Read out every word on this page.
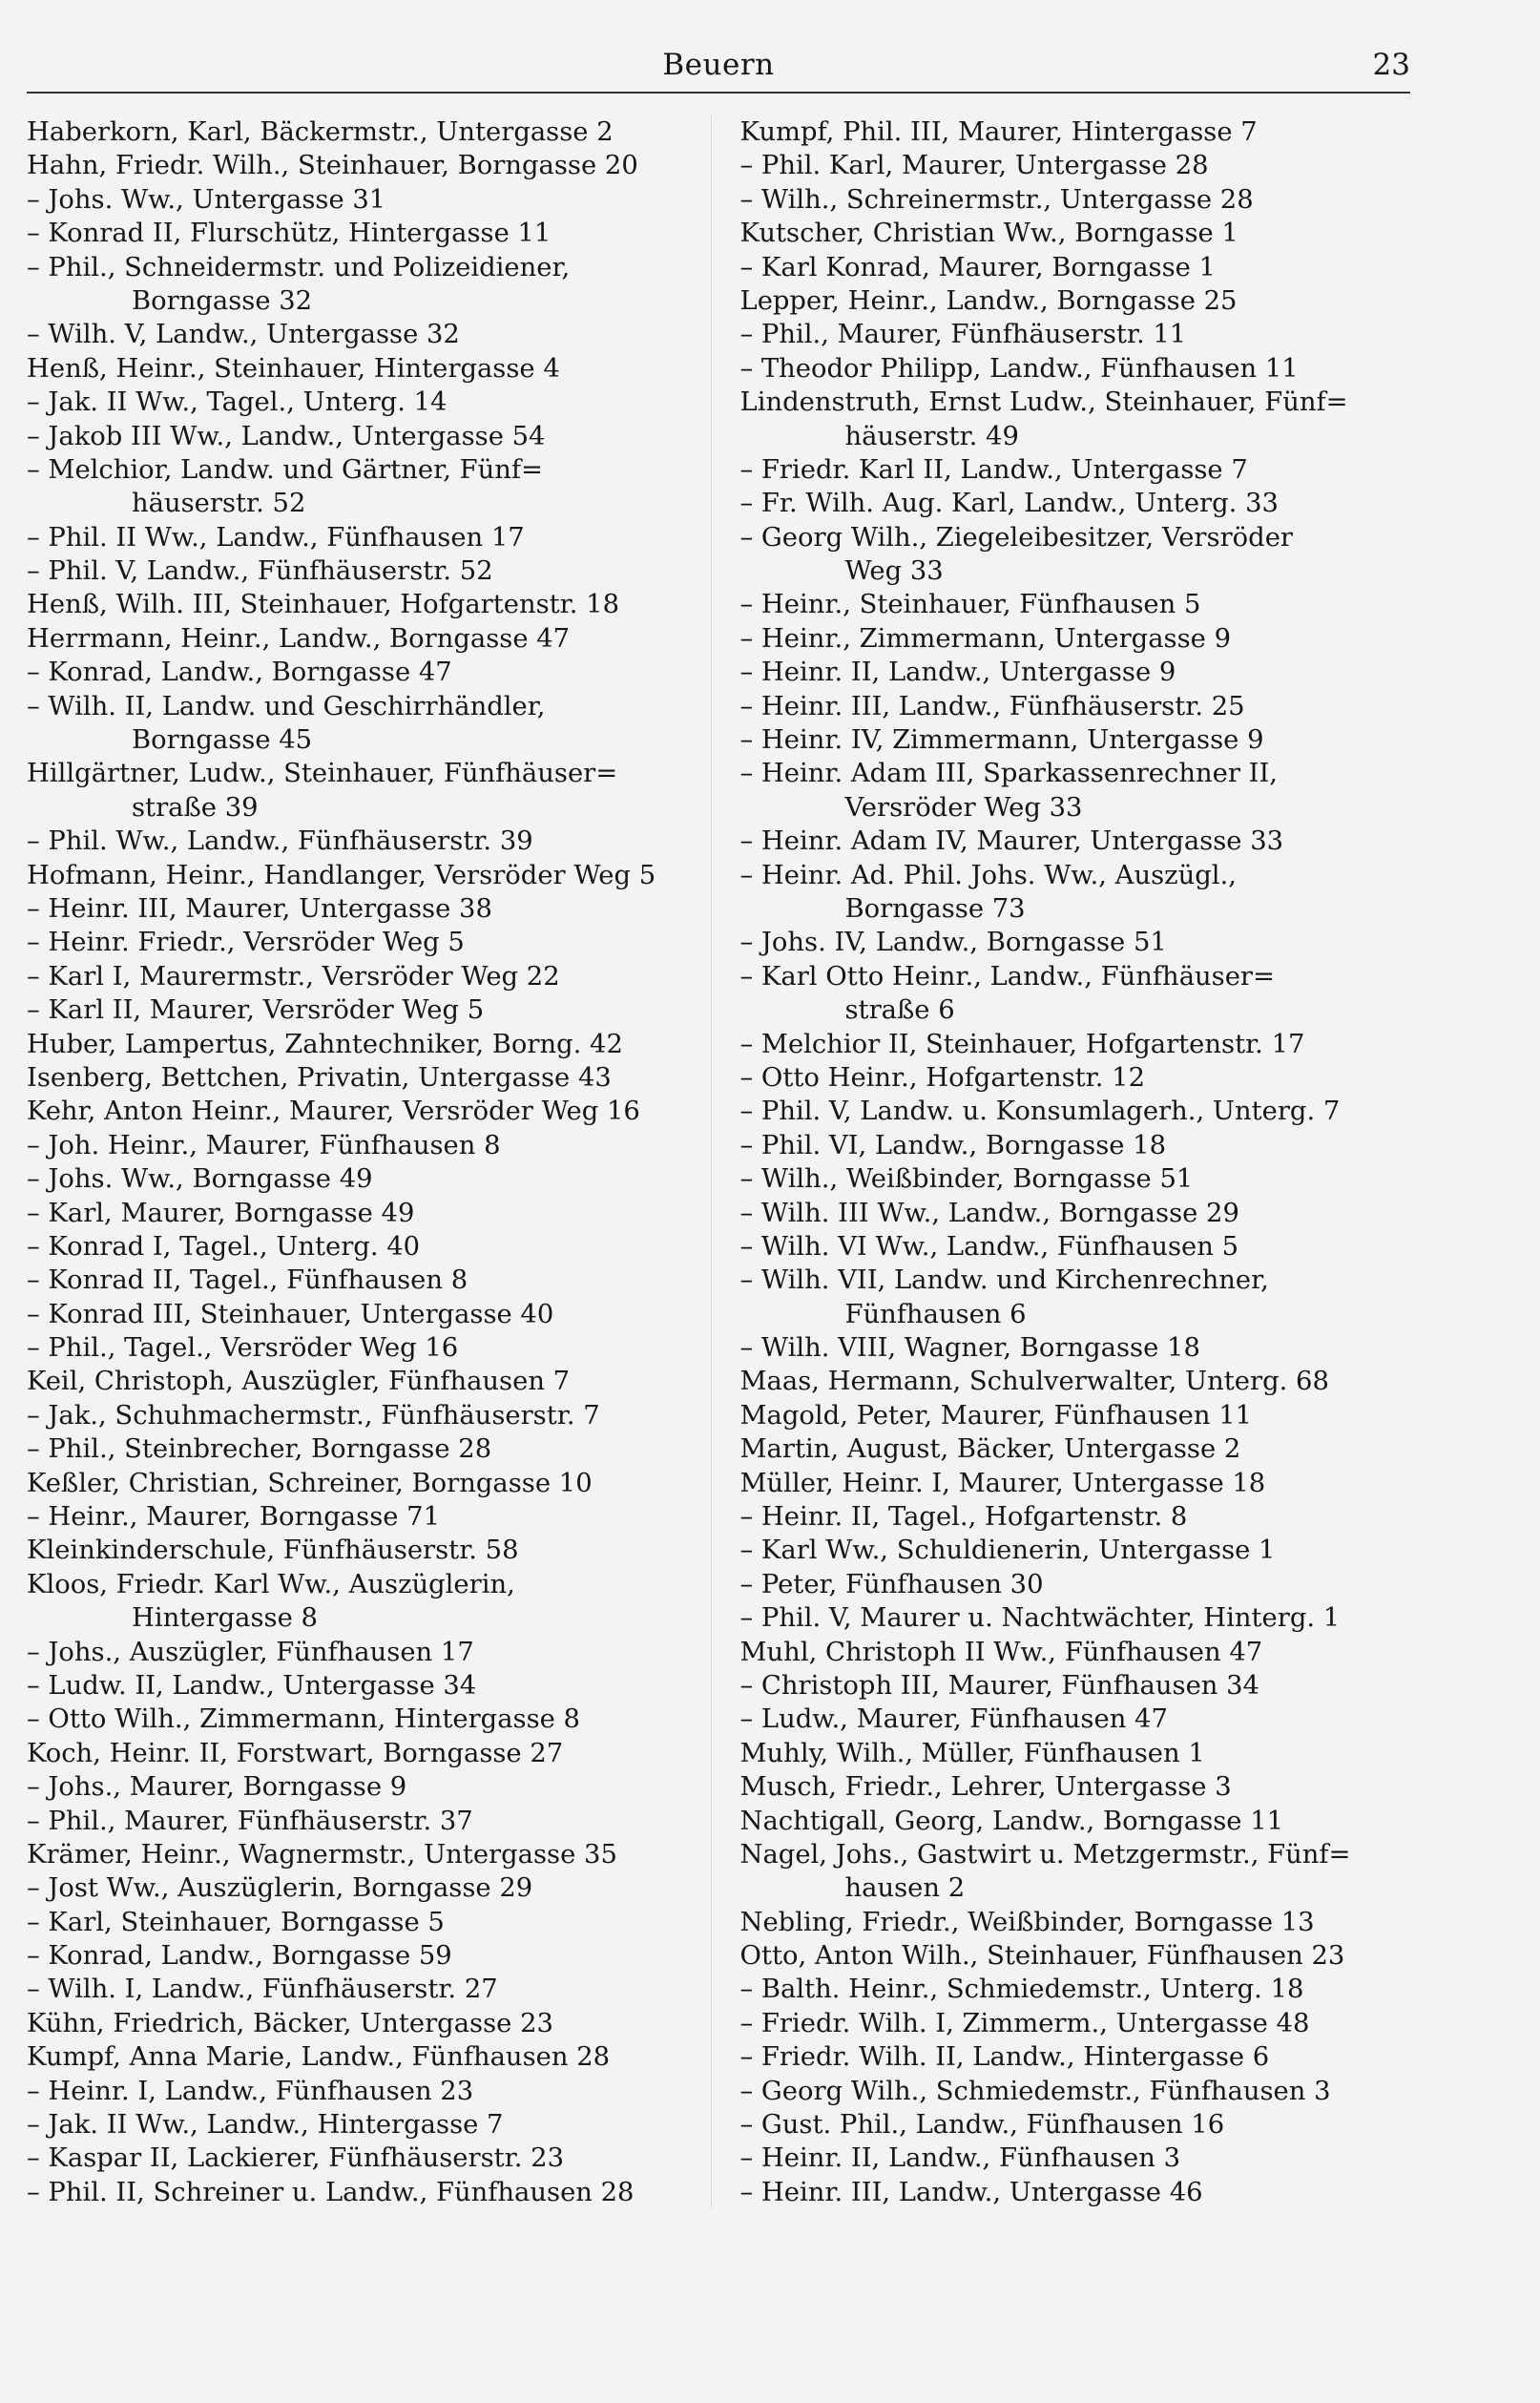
Beuern	23
Haberkorn, Karl, Bäckermstr., Untergasse 2
Hahn, Friedr. Wilh., Steinhauer, Borngasse 20
– Johs. Ww., Untergasse 31
– Konrad II, Flurschütz, Hintergasse 11
– Phil., Schneidermstr. und Polizeidiener,
Borngasse 32
– Wilh. V, Landw., Untergasse 32
Henß, Heinr., Steinhauer, Hintergasse 4
– Jak. II Ww., Tagel., Unterg. 14
– Jakob III Ww., Landw., Untergasse 54
– Melchior, Landw. und Gärtner, Fünf=
häuserstr. 52
– Phil. II Ww., Landw., Fünfhausen 17
– Phil. V, Landw., Fünfhäuserstr. 52
Henß, Wilh. III, Steinhauer, Hofgartenstr. 18
Herrmann, Heinr., Landw., Borngasse 47
– Konrad, Landw., Borngasse 47
– Wilh. II, Landw. und Geschirrhändler,
Borngasse 45
Hillgärtner, Ludw., Steinhauer, Fünfhäuser=
straße 39
– Phil. Ww., Landw., Fünfhäuserstr. 39
Hofmann, Heinr., Handlanger, Versröder Weg 5
– Heinr. III, Maurer, Untergasse 38
– Heinr. Friedr., Versröder Weg 5
– Karl I, Maurermstr., Versröder Weg 22
– Karl II, Maurer, Versröder Weg 5
Huber, Lampertus, Zahntechniker, Borng. 42
Isenberg, Bettchen, Privatin, Untergasse 43
Kehr, Anton Heinr., Maurer, Versröder Weg 16
– Joh. Heinr., Maurer, Fünfhausen 8
– Johs. Ww., Borngasse 49
– Karl, Maurer, Borngasse 49
– Konrad I, Tagel., Unterg. 40
– Konrad II, Tagel., Fünfhausen 8
– Konrad III, Steinhauer, Untergasse 40
– Phil., Tagel., Versröder Weg 16
Keil, Christoph, Auszügler, Fünfhausen 7
– Jak., Schuhmachermstr., Fünfhäuserstr. 7
– Phil., Steinbrecher, Borngasse 28
Keßler, Christian, Schreiner, Borngasse 10
– Heinr., Maurer, Borngasse 71
Kleinkinderschule, Fünfhäuserstr. 58
Kloos, Friedr. Karl Ww., Auszüglerin,
Hintergasse 8
– Johs., Auszügler, Fünfhausen 17
– Ludw. II, Landw., Untergasse 34
– Otto Wilh., Zimmermann, Hintergasse 8
Koch, Heinr. II, Forstwart, Borngasse 27
– Johs., Maurer, Borngasse 9
– Phil., Maurer, Fünfhäuserstr. 37
Krämer, Heinr., Wagnermstr., Untergasse 35
– Jost Ww., Auszüglerin, Borngasse 29
– Karl, Steinhauer, Borngasse 5
– Konrad, Landw., Borngasse 59
– Wilh. I, Landw., Fünfhäuserstr. 27
Kühn, Friedrich, Bäcker, Untergasse 23
Kumpf, Anna Marie, Landw., Fünfhausen 28
– Heinr. I, Landw., Fünfhausen 23
– Jak. II Ww., Landw., Hintergasse 7
– Kaspar II, Lackierer, Fünfhäuserstr. 23
– Phil. II, Schreiner u. Landw., Fünfhausen 28
Kumpf, Phil. III, Maurer, Hintergasse 7
– Phil. Karl, Maurer, Untergasse 28
– Wilh., Schreinermstr., Untergasse 28
Kutscher, Christian Ww., Borngasse 1
– Karl Konrad, Maurer, Borngasse 1
Lepper, Heinr., Landw., Borngasse 25
– Phil., Maurer, Fünfhäuserstr. 11
– Theodor Philipp, Landw., Fünfhausen 11
Lindenstruth, Ernst Ludw., Steinhauer, Fünf=
häuserstr. 49
– Friedr. Karl II, Landw., Untergasse 7
– Fr. Wilh. Aug. Karl, Landw., Unterg. 33
– Georg Wilh., Ziegeleibesitzer, Versröder
Weg 33
– Heinr., Steinhauer, Fünfhausen 5
– Heinr., Zimmermann, Untergasse 9
– Heinr. II, Landw., Untergasse 9
– Heinr. III, Landw., Fünfhäuserstr. 25
– Heinr. IV, Zimmermann, Untergasse 9
– Heinr. Adam III, Sparkassenrechner II,
Versröder Weg 33
– Heinr. Adam IV, Maurer, Untergasse 33
– Heinr. Ad. Phil. Johs. Ww., Auszügl.,
Borngasse 73
– Johs. IV, Landw., Borngasse 51
– Karl Otto Heinr., Landw., Fünfhäuser=
straße 6
– Melchior II, Steinhauer, Hofgartenstr. 17
– Otto Heinr., Hofgartenstr. 12
– Phil. V, Landw. u. Konsumlagerh., Unterg. 7
– Phil. VI, Landw., Borngasse 18
– Wilh., Weißbinder, Borngasse 51
– Wilh. III Ww., Landw., Borngasse 29
– Wilh. VI Ww., Landw., Fünfhausen 5
– Wilh. VII, Landw. und Kirchenrechner,
Fünfhausen 6
– Wilh. VIII, Wagner, Borngasse 18
Maas, Hermann, Schulverwalter, Unterg. 68
Magold, Peter, Maurer, Fünfhausen 11
Martin, August, Bäcker, Untergasse 2
Müller, Heinr. I, Maurer, Untergasse 18
– Heinr. II, Tagel., Hofgartenstr. 8
– Karl Ww., Schuldienerin, Untergasse 1
– Peter, Fünfhausen 30
– Phil. V, Maurer u. Nachtwächter, Hinterg. 1
Muhl, Christoph II Ww., Fünfhausen 47
– Christoph III, Maurer, Fünfhausen 34
– Ludw., Maurer, Fünfhausen 47
Muhly, Wilh., Müller, Fünfhausen 1
Musch, Friedr., Lehrer, Untergasse 3
Nachtigall, Georg, Landw., Borngasse 11
Nagel, Johs., Gastwirt u. Metzgermstr., Fünf=
hausen 2
Nebling, Friedr., Weißbinder, Borngasse 13
Otto, Anton Wilh., Steinhauer, Fünfhausen 23
– Balth. Heinr., Schmiedemstr., Unterg. 18
– Friedr. Wilh. I, Zimmerm., Untergasse 48
– Friedr. Wilh. II, Landw., Hintergasse 6
– Georg Wilh., Schmiedemstr., Fünfhausen 3
– Gust. Phil., Landw., Fünfhausen 16
– Heinr. II, Landw., Fünfhausen 3
– Heinr. III, Landw., Untergasse 46
